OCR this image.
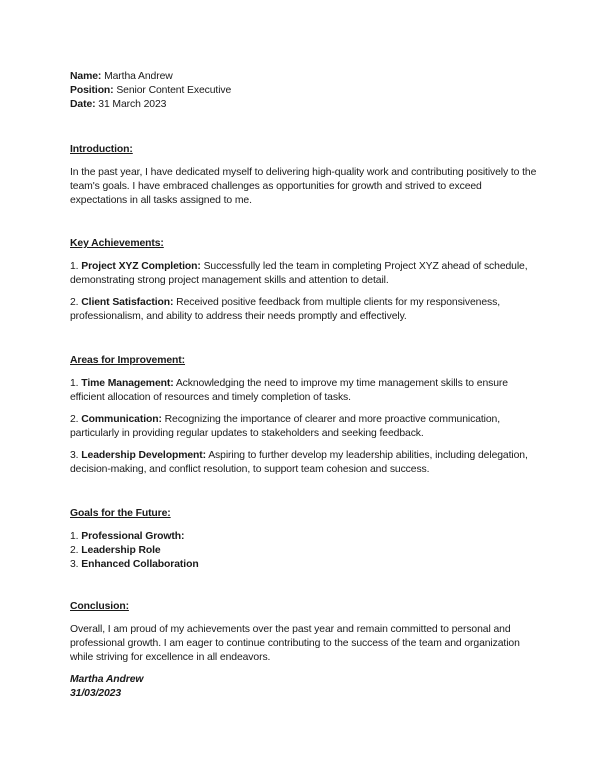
Name: Martha Andrew
Position: Senior Content Executive
Date: 31 March 2023
Introduction:
In the past year, I have dedicated myself to delivering high-quality work and contributing positively to the team's goals. I have embraced challenges as opportunities for growth and strived to exceed expectations in all tasks assigned to me.
Key Achievements:
1. Project XYZ Completion: Successfully led the team in completing Project XYZ ahead of schedule, demonstrating strong project management skills and attention to detail.
2. Client Satisfaction: Received positive feedback from multiple clients for my responsiveness, professionalism, and ability to address their needs promptly and effectively.
Areas for Improvement:
1. Time Management: Acknowledging the need to improve my time management skills to ensure efficient allocation of resources and timely completion of tasks.
2. Communication: Recognizing the importance of clearer and more proactive communication, particularly in providing regular updates to stakeholders and seeking feedback.
3. Leadership Development: Aspiring to further develop my leadership abilities, including delegation, decision-making, and conflict resolution, to support team cohesion and success.
Goals for the Future:
1. Professional Growth:
2. Leadership Role
3. Enhanced Collaboration
Conclusion:
Overall, I am proud of my achievements over the past year and remain committed to personal and professional growth. I am eager to continue contributing to the success of the team and organization while striving for excellence in all endeavors.
Martha Andrew
31/03/2023
